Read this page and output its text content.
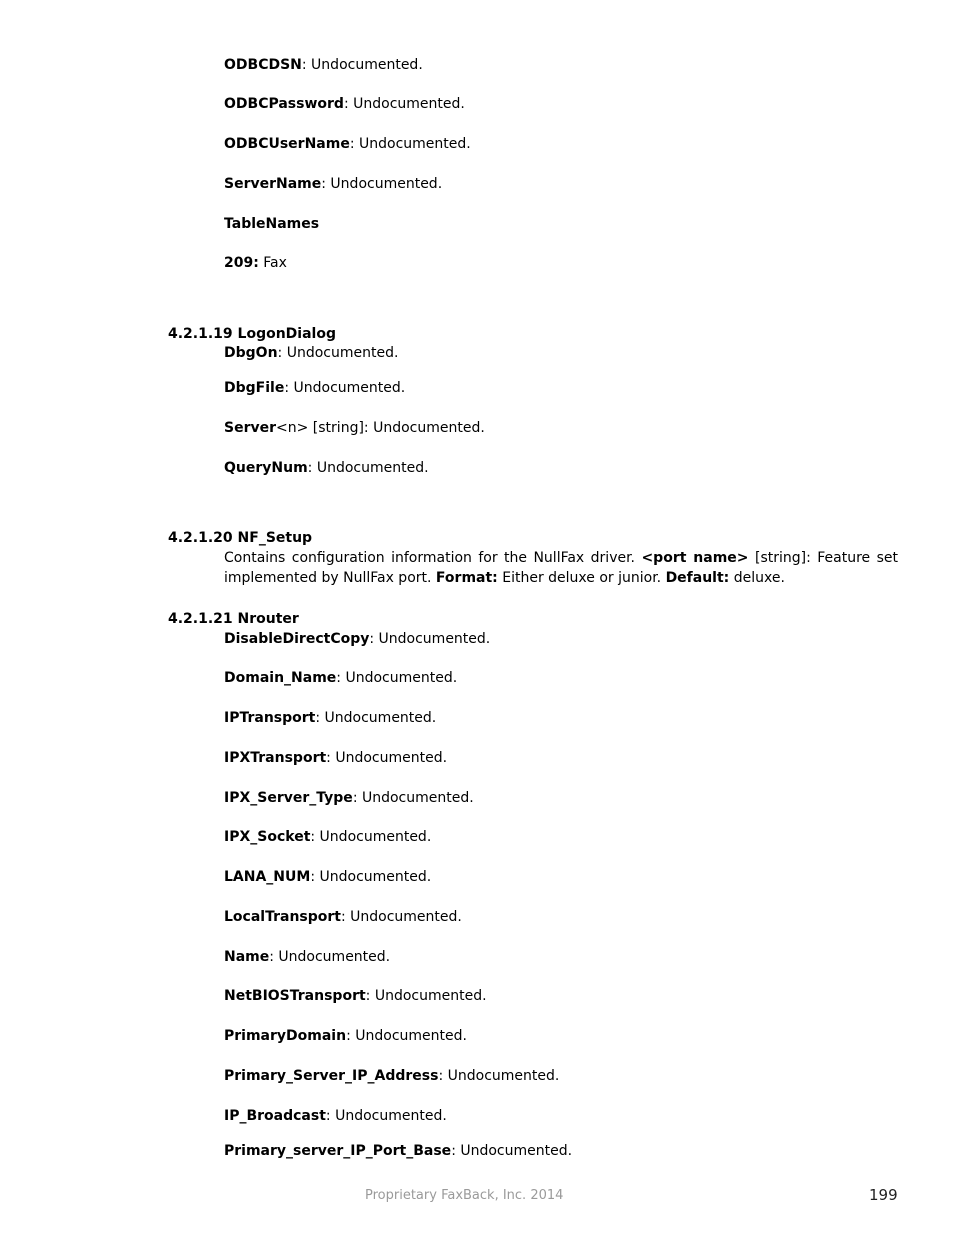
ODBCDSN: Undocumented.
ODBCPassword: Undocumented.
ODBCUserName: Undocumented.
ServerName: Undocumented.
TableNames
209: Fax
4.2.1.19 LogonDialog
DbgOn: Undocumented.
DbgFile: Undocumented.
Server<n> [string]: Undocumented.
QueryNum: Undocumented.
4.2.1.20 NF_Setup
Contains configuration information for the NullFax driver. <port name> [string]: Feature set implemented by NullFax port. Format: Either deluxe or junior. Default: deluxe.
4.2.1.21 Nrouter
DisableDirectCopy: Undocumented.
Domain_Name: Undocumented.
IPTransport: Undocumented.
IPXTransport: Undocumented.
IPX_Server_Type: Undocumented.
IPX_Socket: Undocumented.
LANA_NUM: Undocumented.
LocalTransport: Undocumented.
Name: Undocumented.
NetBIOSTransport: Undocumented.
PrimaryDomain: Undocumented.
Primary_Server_IP_Address: Undocumented.
IP_Broadcast: Undocumented.
Primary_server_IP_Port_Base: Undocumented.
Proprietary FaxBack, Inc. 2014	199
